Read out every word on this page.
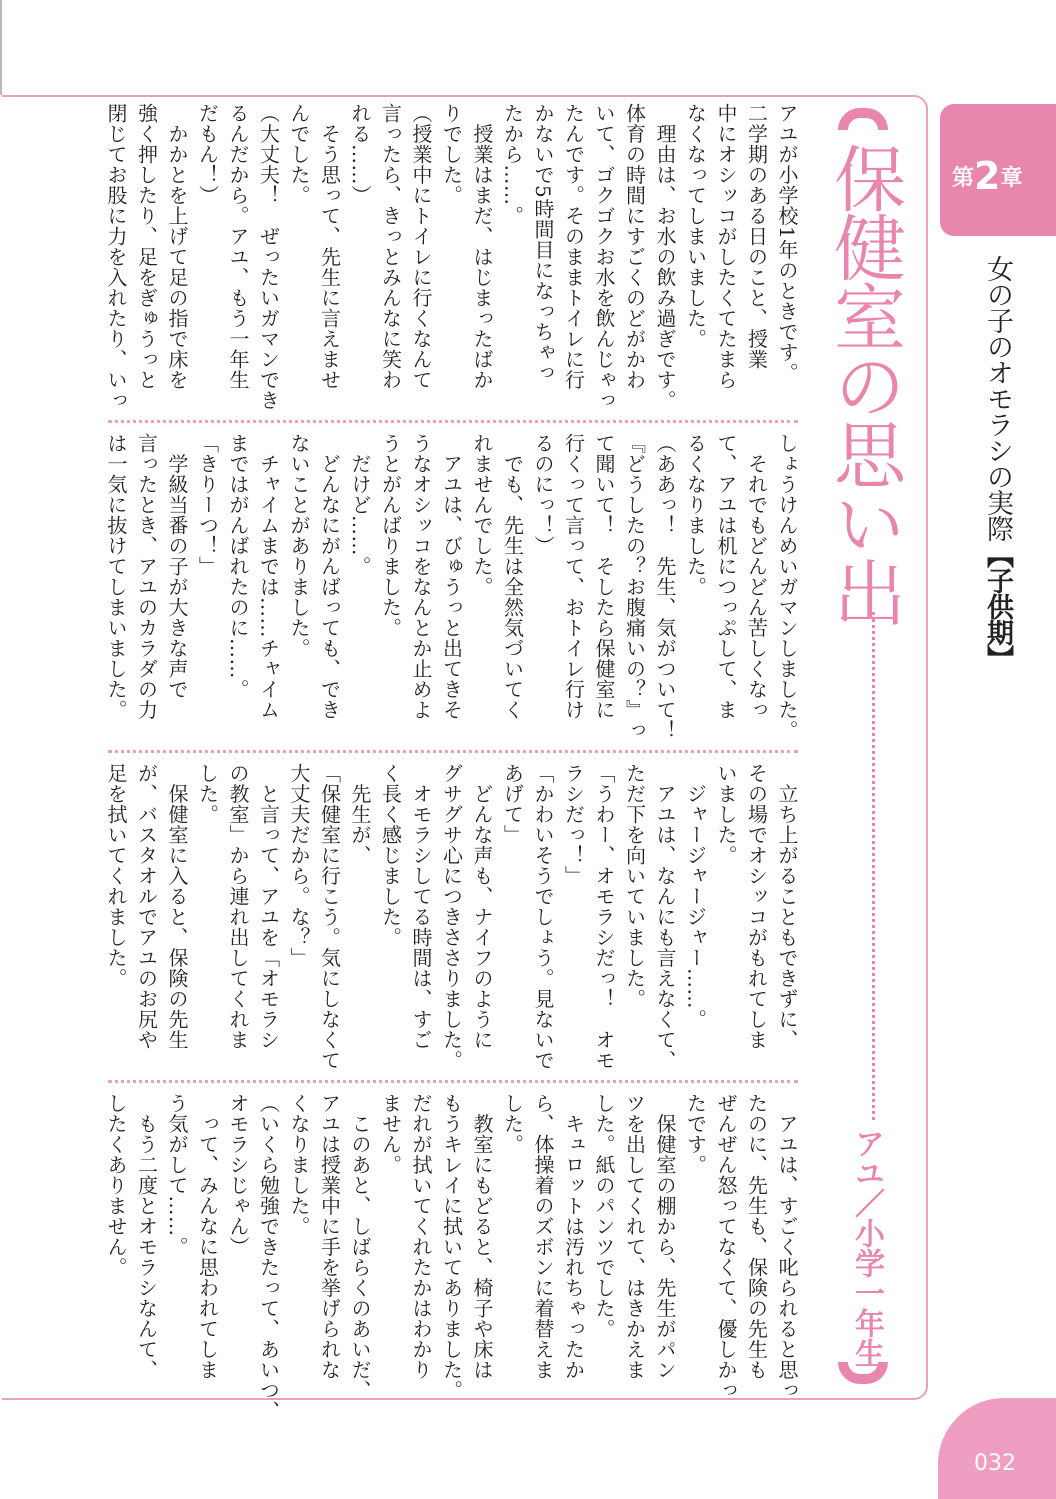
保健室の思い出
アユ／小学一年生
第2章
女の子のオモラシの実際【子供期】
アユが小学校1年のときです。
二学期のある日のこと、授業
中にオシッコがしたくてたまら
なくなってしまいました。
　理由は、お水の飲み過ぎです。
体育の時間にすごくのどがかわ
いて、ゴクゴクお水を飲んじゃっ
たんです。そのままトイレに行
かないで5時間目になっちゃっ
たから……。
　授業はまだ、はじまったばか
りでした。
（授業中にトイレに行くなんて
言ったら、きっとみんなに笑わ
れる……）
　そう思って、先生に言えませ
んでした。
（大丈夫！　ぜったいガマンでき
るんだから。アユ、もう一年生
だもん！）
　かかとを上げて足の指で床を
強く押したり、足をぎゅうっと
閉じてお股に力を入れたり、いっ
しょうけんめいガマンしました。
　それでもどんどん苦しくなっ
て、アユは机につっぷして、ま
るくなりました。
（ああっ！　先生、気がついて！
『どうしたの？お腹痛いの？』っ
て聞いて！　そしたら保健室に
行くって言って、おトイレ行け
るのにっ！）
　でも、先生は全然気づいてく
れませんでした。
　アユは、びゅうっと出てきそ
うなオシッコをなんとか止めよ
うとがんばりました。
　だけど……。
　どんなにがんばっても、でき
ないことがありました。
　チャイムまでは……チャイム
まではがんばれたのに……。
「きりーつ！」
　学級当番の子が大きな声で
言ったとき、アユのカラダの力
は一気に抜けてしまいました。
　立ち上がることもできずに、
その場でオシッコがもれてしま
いました。
　ジャージャージャー……。
　アユは、なんにも言えなくて、
ただ下を向いていました。
「うわー、オモラシだっ！　オモ
ラシだっ！」
「かわいそうでしょう。見ないで
あげて」
　どんな声も、ナイフのように
グサグサ心につきささりました。
　オモラシしてる時間は、すご
く長く感じました。
　先生が、
「保健室に行こう。気にしなくて
大丈夫だから。な？」
　と言って、アユを「オモラシ
の教室」から連れ出してくれま
した。
　保健室に入ると、保険の先生
が、バスタオルでアユのお尻や
足を拭いてくれました。
　アユは、すごく叱られると思っ
たのに、先生も、保険の先生も
ぜんぜん怒ってなくて、優しかっ
たです。
　保健室の棚から、先生がパン
ツを出してくれて、はきかえま
した。紙のパンツでした。
　キュロットは汚れちゃったか
ら、体操着のズボンに着替えま
した。
　教室にもどると、椅子や床は
もうキレイに拭いてありました。
だれが拭いてくれたかはわかり
ません。
　このあと、しばらくのあいだ、
アユは授業中に手を挙げられな
くなりました。
（いくら勉強できたって、あいつ、
オモラシじゃん）
　って、みんなに思われてしま
う気がして……。
　もう二度とオモラシなんて、
したくありません。
032
